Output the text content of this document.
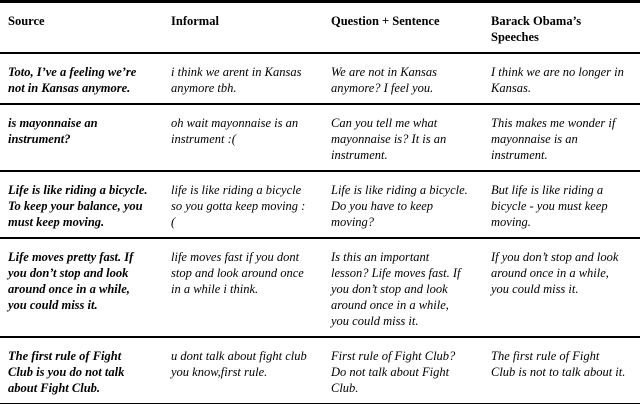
Source	Informal	Question + Sentence	Barack Obama’s Speeches
Toto, I’ve a feeling we’re not in Kansas anymore.	i think we arent in Kansas anymore tbh.	We are not in Kansas anymore? I feel you.	I think we are no longer in Kansas.
is mayonnaise an instrument?	oh wait mayonnaise is an instrument :(	Can you tell me what mayonnaise is? It is an instrument.	This makes me wonder if mayonnaise is an instrument.
Life is like riding a bicycle. To keep your balance, you must keep moving.	life is like riding a bicycle so you gotta keep moving :(	Life is like riding a bicycle. Do you have to keep moving?	But life is like riding a bicycle - you must keep moving.
Life moves pretty fast. If you don’t stop and look around once in a while, you could miss it.	life moves fast if you dont stop and look around once in a while i think.	Is this an important lesson? Life moves fast. If you don’t stop and look around once in a while, you could miss it.	If you don’t stop and look around once in a while, you could miss it.
The first rule of Fight Club is you do not talk about Fight Club.	u dont talk about fight club you know,first rule.	First rule of Fight Club? Do not talk about Fight Club.	The first rule of Fight Club is not to talk about it.
